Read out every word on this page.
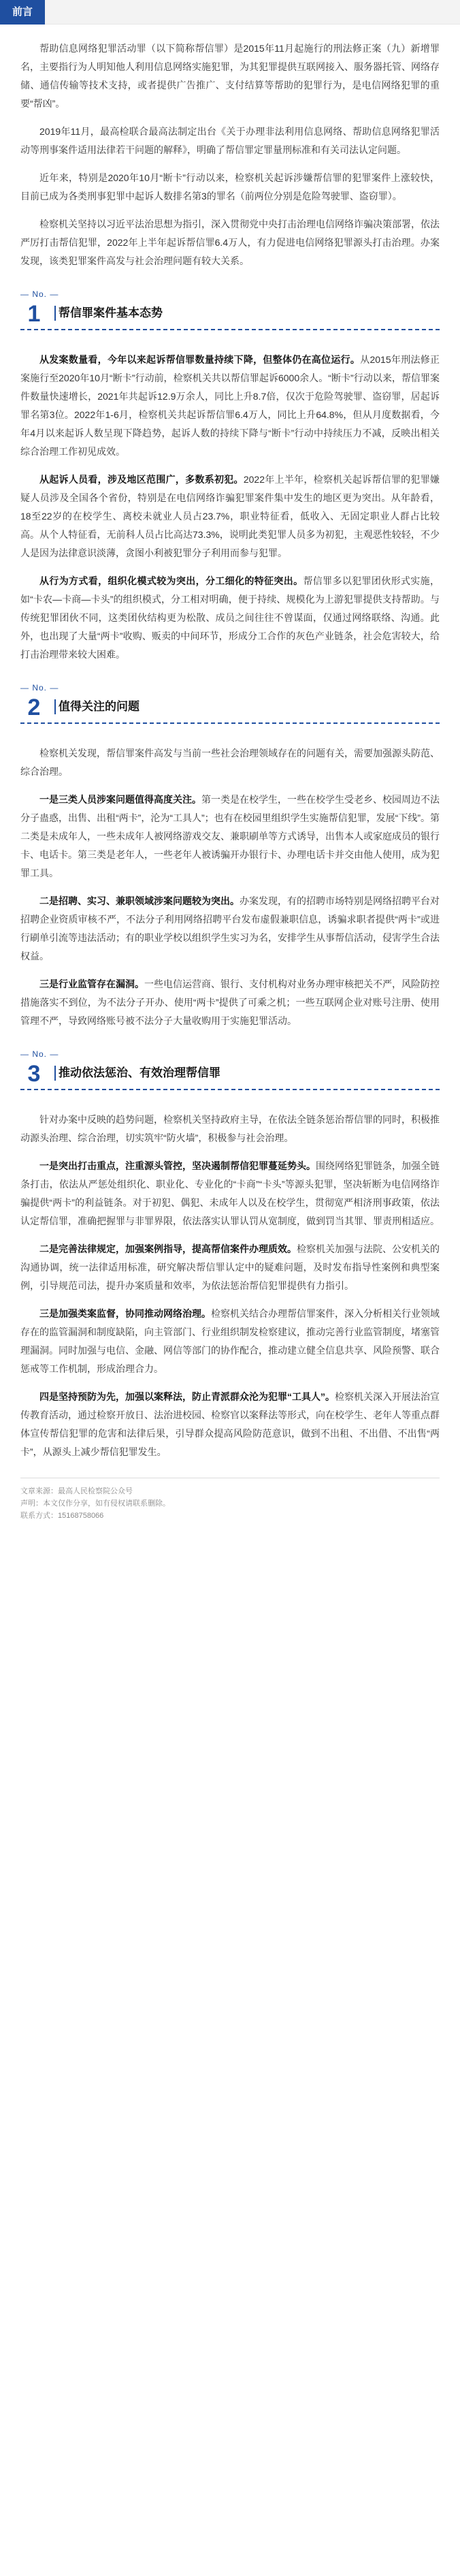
前言

帮助信息网络犯罪活动罪（以下简称帮信罪）是2015年11月起施行的刑法修正案（九）新增罪名，主要指行为人明知他人利用信息网络实施犯罪，为其犯罪提供互联网接入、服务器托管、网络存储、通信传输等技术支持，或者提供广告推广、支付结算等帮助的犯罪行为，是电信网络犯罪的重要“帮凶”。

2019年11月，最高检联合最高法制定出台《关于办理非法利用信息网络、帮助信息网络犯罪活动等刑事案件适用法律若干问题的解释》，明确了帮信罪定罪量刑标准和有关司法认定问题。

近年来，特别是2020年10月“断卡”行动以来，检察机关起诉涉嫌帮信罪的犯罪案件上涨较快，目前已成为各类刑事犯罪中起诉人数排名第3的罪名（前两位分别是危险驾驶罪、盗窃罪）。

检察机关坚持以习近平法治思想为指引，深入贯彻党中央打击治理电信网络诈骗决策部署，依法严厉打击帮信犯罪，2022年上半年起诉帮信罪6.4万人，有力促进电信网络犯罪源头打击治理。办案发现，该类犯罪案件高发与社会治理问题有较大关系。

— No. —
1	帮信罪案件基本态势

从发案数量看，今年以来起诉帮信罪数量持续下降，但整体仍在高位运行。从2015年刑法修正案施行至2020年10月“断卡”行动前，检察机关共以帮信罪起诉6000余人。“断卡”行动以来，帮信罪案件数量快速增长，2021年共起诉12.9万余人，同比上升8.7倍，仅次于危险驾驶罪、盗窃罪，居起诉罪名第3位。2022年1-6月，检察机关共起诉帮信罪6.4万人，同比上升64.8%，但从月度数据看，今年4月以来起诉人数呈现下降趋势，起诉人数的持续下降与“断卡”行动中持续压力不减，反映出相关综合治理工作初见成效。

从起诉人员看，涉及地区范围广，多数系初犯。2022年上半年，检察机关起诉帮信罪的犯罪嫌疑人员涉及全国各个省份，特别是在电信网络诈骗犯罪案件集中发生的地区更为突出。从年龄看，18至22岁的在校学生、离校未就业人员占23.7%，职业特征看，低收入、无固定职业人群占比较高。从个人特征看，无前科人员占比高达73.3%，说明此类犯罪人员多为初犯，主观恶性较轻，不少人是因为法律意识淡薄，贪图小利被犯罪分子利用而参与犯罪。

从行为方式看，组织化模式较为突出，分工细化的特征突出。帮信罪多以犯罪团伙形式实施，如“卡农—卡商—卡头”的组织模式，分工相对明确，便于持续、规模化为上游犯罪提供支持帮助。与传统犯罪团伙不同，这类团伙结构更为松散、成员之间往往不曾谋面，仅通过网络联络、沟通。此外，也出现了大量“两卡”收购、贩卖的中间环节，形成分工合作的灰色产业链条，社会危害较大，给打击治理带来较大困难。

— No. —
2	值得关注的问题

检察机关发现，帮信罪案件高发与当前一些社会治理领域存在的问题有关，需要加强源头防范、综合治理。

一是三类人员涉案问题值得高度关注。第一类是在校学生，一些在校学生受老乡、校园周边不法分子蛊惑，出售、出租“两卡”，沦为“工具人”；也有在校园里组织学生实施帮信犯罪，发展“下线”。第二类是未成年人，一些未成年人被网络游戏交友、兼职刷单等方式诱导，出售本人或家庭成员的银行卡、电话卡。第三类是老年人，一些老年人被诱骗开办银行卡、办理电话卡并交由他人使用，成为犯罪工具。

二是招聘、实习、兼职领域涉案问题较为突出。办案发现，有的招聘市场特别是网络招聘平台对招聘企业资质审核不严，不法分子利用网络招聘平台发布虚假兼职信息，诱骗求职者提供“两卡”或进行刷单引流等违法活动；有的职业学校以组织学生实习为名，安排学生从事帮信活动，侵害学生合法权益。

三是行业监管存在漏洞。一些电信运营商、银行、支付机构对业务办理审核把关不严，风险防控措施落实不到位，为不法分子开办、使用“两卡”提供了可乘之机；一些互联网企业对账号注册、使用管理不严，导致网络账号被不法分子大量收购用于实施犯罪活动。

— No. —
3	推动依法惩治、有效治理帮信罪

针对办案中反映的趋势问题，检察机关坚持政府主导，在依法全链条惩治帮信罪的同时，积极推动源头治理、综合治理，切实筑牢“防火墙”，积极参与社会治理。

一是突出打击重点，注重源头管控，坚决遏制帮信犯罪蔓延势头。围绕网络犯罪链条，加强全链条打击，依法从严惩处组织化、职业化、专业化的“卡商”“卡头”等源头犯罪，坚决斩断为电信网络诈骗提供“两卡”的利益链条。对于初犯、偶犯、未成年人以及在校学生，贯彻宽严相济刑事政策，依法认定帮信罪，准确把握罪与非罪界限，依法落实认罪认罚从宽制度，做到罚当其罪、罪责刑相适应。

二是完善法律规定，加强案例指导，提高帮信案件办理质效。检察机关加强与法院、公安机关的沟通协调，统一法律适用标准，研究解决帮信罪认定中的疑难问题，及时发布指导性案例和典型案例，引导规范司法，提升办案质量和效率，为依法惩治帮信犯罪提供有力指引。

三是加强类案监督，协同推动网络治理。检察机关结合办理帮信罪案件，深入分析相关行业领域存在的监管漏洞和制度缺陷，向主管部门、行业组织制发检察建议，推动完善行业监管制度，堵塞管理漏洞。同时加强与电信、金融、网信等部门的协作配合，推动建立健全信息共享、风险预警、联合惩戒等工作机制，形成治理合力。

四是坚持预防为先，加强以案释法，防止青派群众沦为犯罪“工具人”。检察机关深入开展法治宣传教育活动，通过检察开放日、法治进校园、检察官以案释法等形式，向在校学生、老年人等重点群体宣传帮信犯罪的危害和法律后果，引导群众提高风险防范意识，做到不出租、不出借、不出售“两卡”，从源头上减少帮信犯罪发生。

文章来源：最高人民检察院公众号
声明：本文仅作分享，如有侵权请联系删除。
联系方式：15168758066
